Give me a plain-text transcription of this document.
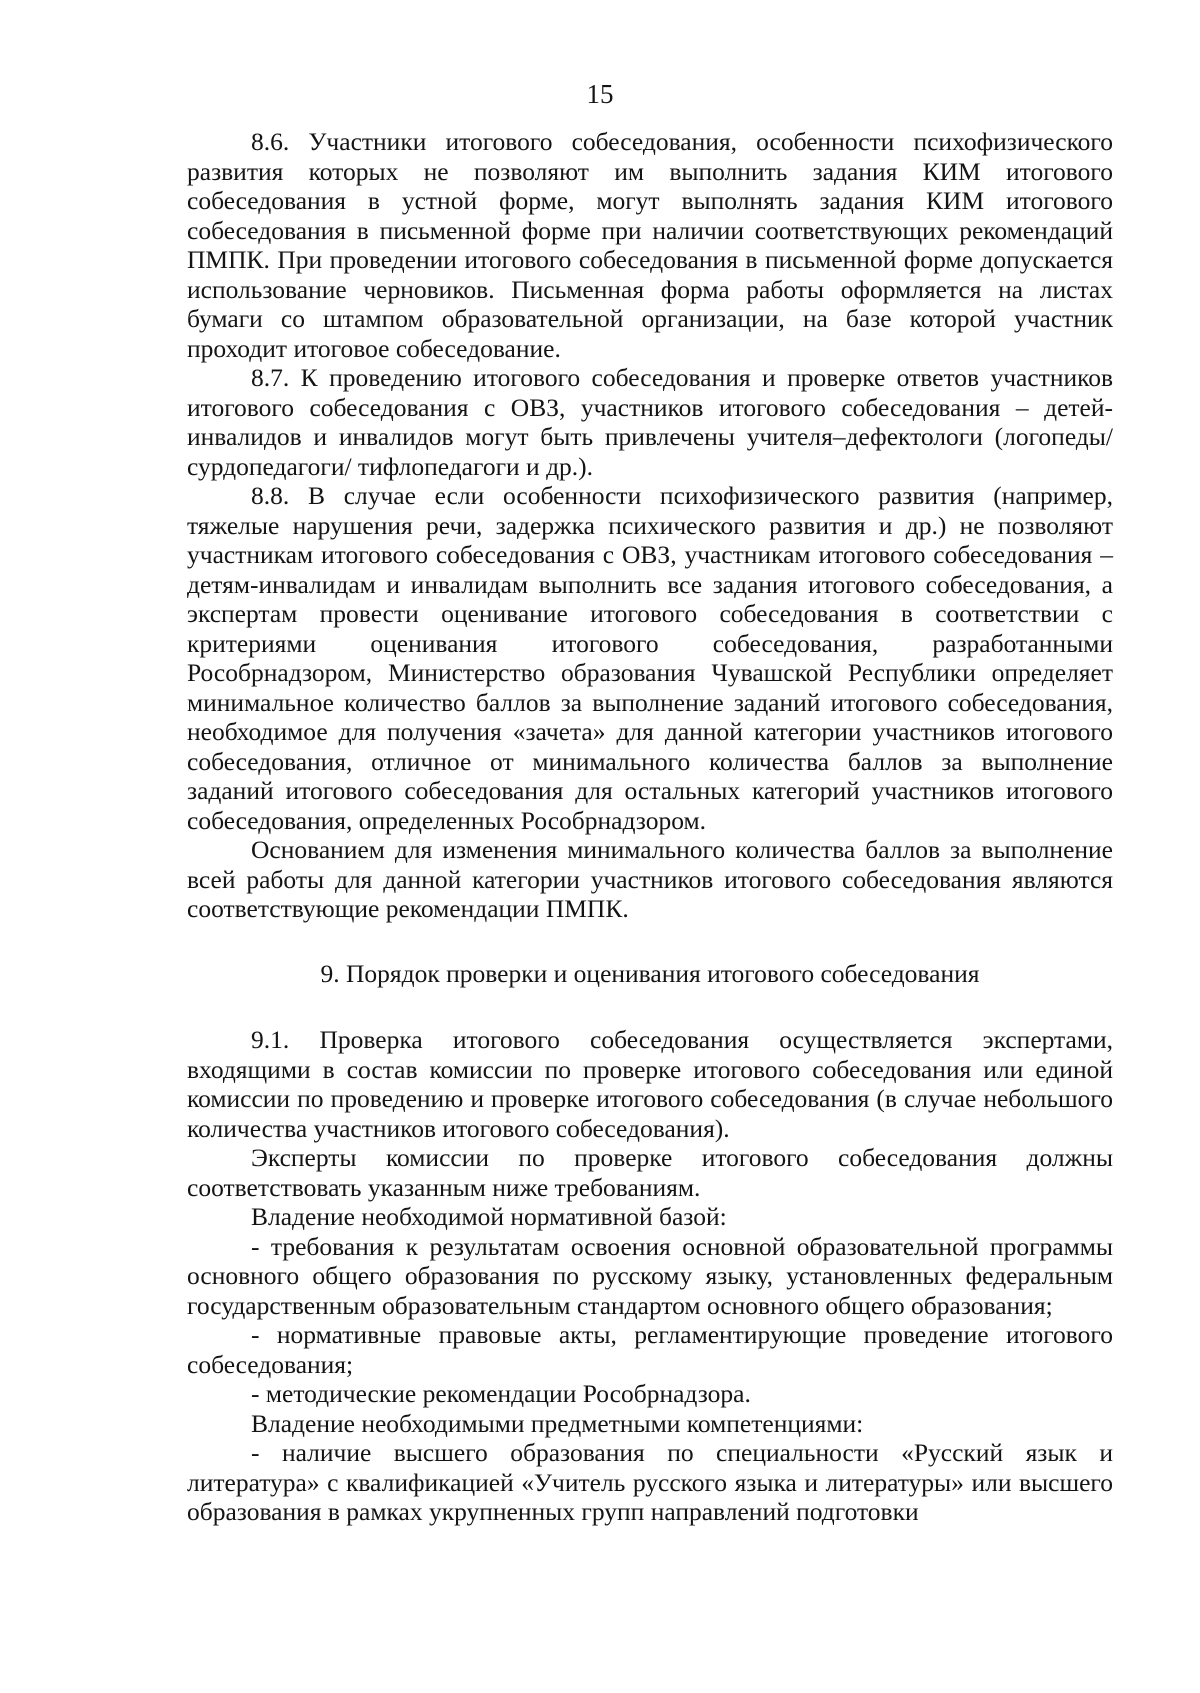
15

8.6. Участники итогового собеседования, особенности психофизического развития которых не позволяют им выполнить задания КИМ итогового собеседования в устной форме, могут выполнять задания КИМ итогового собеседования в письменной форме при наличии соответствующих рекомендаций ПМПК. При проведении итогового собеседования в письменной форме допускается использование черновиков. Письменная форма работы оформляется на листах бумаги со штампом образовательной организации, на базе которой участник проходит итоговое собеседование.

8.7. К проведению итогового собеседования и проверке ответов участников итогового собеседования с ОВЗ, участников итогового собеседования – детей-инвалидов и инвалидов могут быть привлечены учителя–дефектологи (логопеды/сурдопедагоги/ тифлопедагоги и др.).

8.8. В случае если особенности психофизического развития (например, тяжелые нарушения речи, задержка психического развития и др.) не позволяют участникам итогового собеседования с ОВЗ, участникам итогового собеседования – детям-инвалидам и инвалидам выполнить все задания итогового собеседования, а экспертам провести оценивание итогового собеседования в соответствии с критериями оценивания итогового собеседования, разработанными Рособрнадзором, Министерство образования Чувашской Республики определяет минимальное количество баллов за выполнение заданий итогового собеседования, необходимое для получения «зачета» для данной категории участников итогового собеседования, отличное от минимального количества баллов за выполнение заданий итогового собеседования для остальных категорий участников итогового собеседования, определенных Рособрнадзором.

Основанием для изменения минимального количества баллов за выполнение всей работы для данной категории участников итогового собеседования являются соответствующие рекомендации ПМПК.

9. Порядок проверки и оценивания итогового собеседования

9.1. Проверка итогового собеседования осуществляется экспертами, входящими в состав комиссии по проверке итогового собеседования или единой комиссии по проведению и проверке итогового собеседования (в случае небольшого количества участников итогового собеседования).

Эксперты комиссии по проверке итогового собеседования должны соответствовать указанным ниже требованиям.

Владение необходимой нормативной базой:

- требования к результатам освоения основной образовательной программы основного общего образования по русскому языку, установленных федеральным государственным образовательным стандартом основного общего образования;

- нормативные правовые акты, регламентирующие проведение итогового собеседования;

- методические рекомендации Рособрнадзора.

Владение необходимыми предметными компетенциями:

- наличие высшего образования по специальности «Русский язык и литература» с квалификацией «Учитель русского языка и литературы» или высшего образования в рамках укрупненных групп направлений подготовки
